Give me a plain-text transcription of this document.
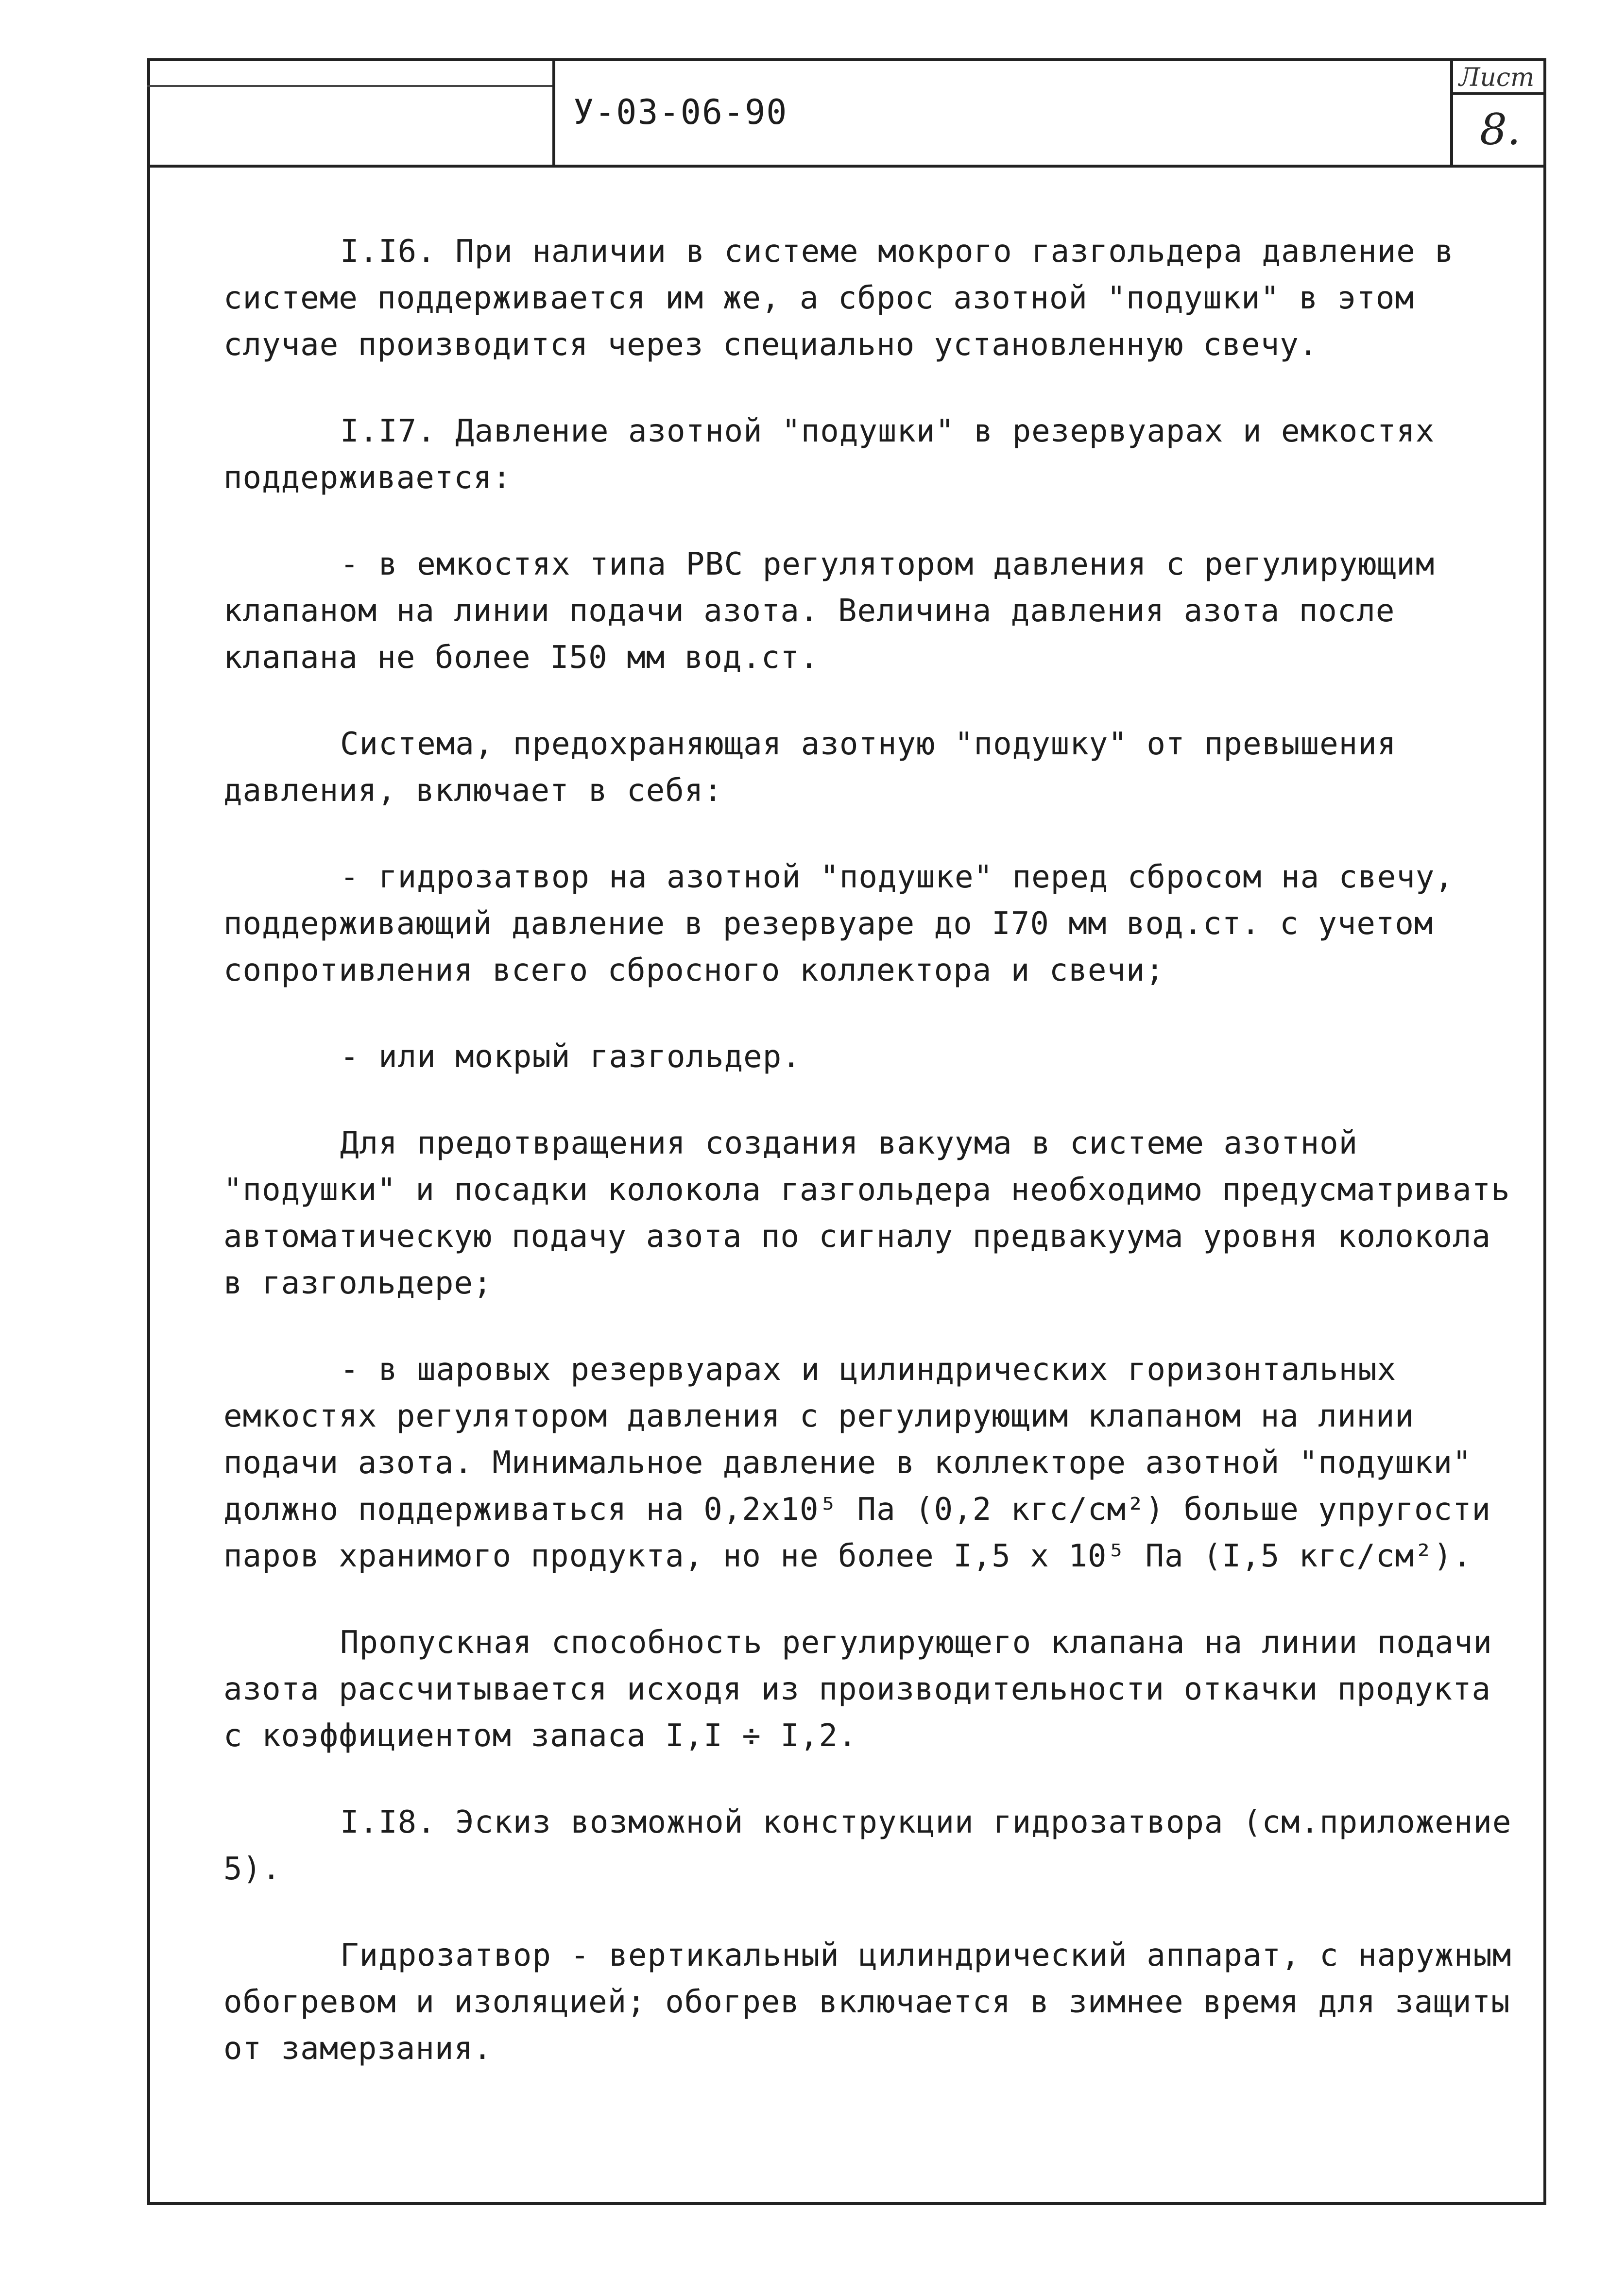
У-03-06-90
Лист
8.

I.I6. При наличии в системе мокрого газгольдера давление в системе поддерживается им же, а сброс азотной "подушки" в этом случае производится через специально установленную свечу.

I.I7. Давление азотной "подушки" в резервуарах и емкостях поддерживается:

- в емкостях типа РВС регулятором давления с регулирующим клапаном на линии подачи азота. Величина давления азота после клапана не более I50 мм вод.ст.

Система, предохраняющая азотную "подушку" от превышения давления, включает в себя:

- гидрозатвор на азотной "подушке" перед сбросом на свечу, поддерживающий давление в резервуаре до I70 мм вод.ст. с учетом сопротивления всего сбросного коллектора и свечи;

- или мокрый газгольдер.

Для предотвращения создания вакуума в системе азотной "подушки" и посадки колокола газгольдера необходимо предусматривать автоматическую подачу азота по сигналу предвакуума уровня колокола в газгольдере;

- в шаровых резервуарах и цилиндрических горизонтальных емкостях регулятором давления с регулирующим клапаном на линии подачи азота. Минимальное давление в коллекторе азотной "подушки" должно поддерживаться на 0,2x10⁵ Па (0,2 кгс/см²) больше упругости паров хранимого продукта, но не более I,5 x 10⁵ Па (I,5 кгс/см²).

Пропускная способность регулирующего клапана на линии подачи азота рассчитывается исходя из производительности откачки продукта с коэффициентом запаса I,I ÷ I,2.

I.I8. Эскиз возможной конструкции гидрозатвора (см.приложение 5).

Гидрозатвор - вертикальный цилиндрический аппарат, с наружным обогревом и изоляцией; обогрев включается в зимнее время для защиты от замерзания.
